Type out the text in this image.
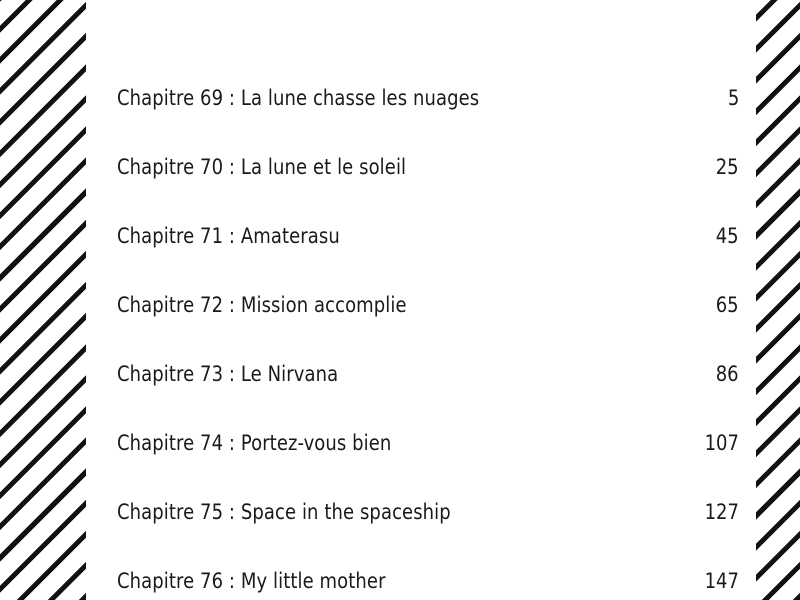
Chapitre 69 : La lune chasse les nuages	5
Chapitre 70 : La lune et le soleil	25
Chapitre 71 : Amaterasu	45
Chapitre 72 : Mission accomplie	65
Chapitre 73 : Le Nirvana	86
Chapitre 74 : Portez-vous bien	107
Chapitre 75 : Space in the spaceship	127
Chapitre 76 : My little mother	147
